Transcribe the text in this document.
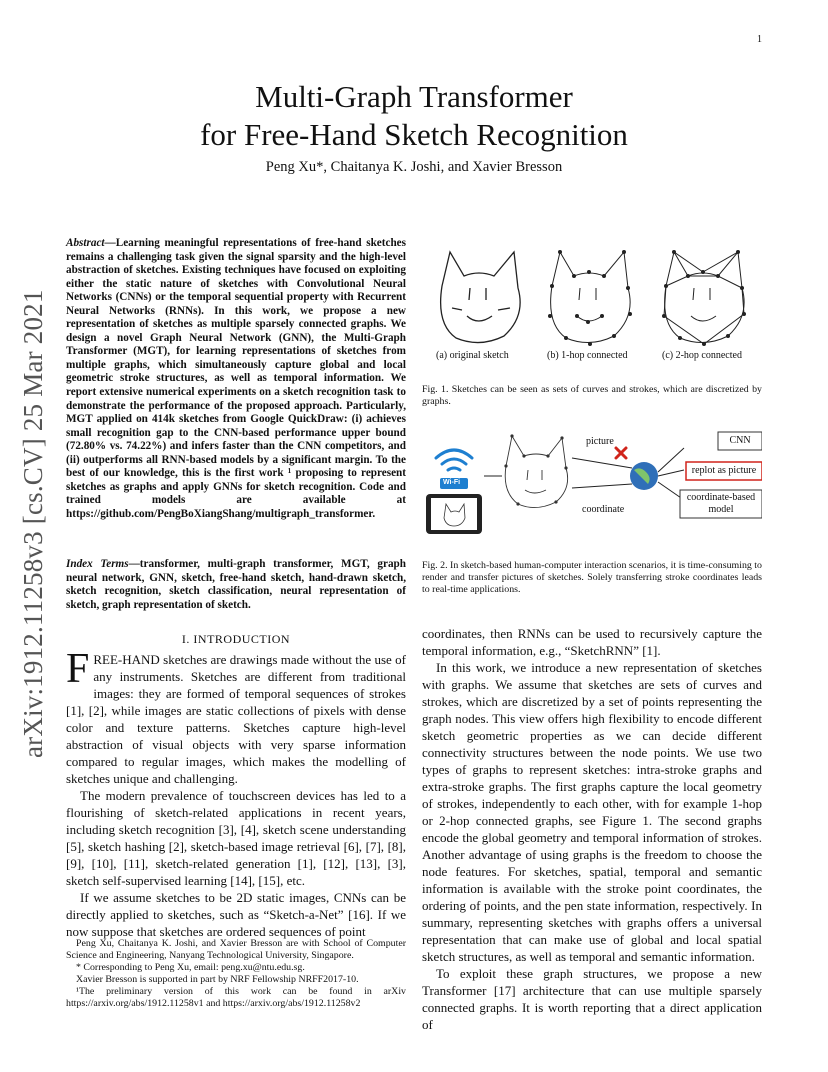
1
arXiv:1912.11258v3 [cs.CV] 25 Mar 2021
Multi-Graph Transformer
for Free-Hand Sketch Recognition
Peng Xu*, Chaitanya K. Joshi, and Xavier Bresson
Abstract—Learning meaningful representations of free-hand sketches remains a challenging task given the signal sparsity and the high-level abstraction of sketches. Existing techniques have focused on exploiting either the static nature of sketches with Convolutional Neural Networks (CNNs) or the temporal sequential property with Recurrent Neural Networks (RNNs). In this work, we propose a new representation of sketches as multiple sparsely connected graphs. We design a novel Graph Neural Network (GNN), the Multi-Graph Transformer (MGT), for learning representations of sketches from multiple graphs, which simultaneously capture global and local geometric stroke structures, as well as temporal information. We report extensive numerical experiments on a sketch recognition task to demonstrate the performance of the proposed approach. Particularly, MGT applied on 414k sketches from Google QuickDraw: (i) achieves small recognition gap to the CNN-based performance upper bound (72.80% vs. 74.22%) and infers faster than the CNN competitors, and (ii) outperforms all RNN-based models by a significant margin. To the best of our knowledge, this is the first work ¹ proposing to represent sketches as graphs and apply GNNs for sketch recognition. Code and trained models are available at https://github.com/PengBoXiangShang/multigraph_transformer.
Index Terms—transformer, multi-graph transformer, MGT, graph neural network, GNN, sketch, free-hand sketch, hand-drawn sketch, sketch recognition, sketch classification, neural representation of sketch, graph representation of sketch.
I. INTRODUCTION

FREE-HAND sketches are drawings made without the use of any instruments. Sketches are different from traditional images: they are formed of temporal sequences of strokes [1], [2], while images are static collections of pixels with dense color and texture patterns. Sketches capture high-level abstraction of visual objects with very sparse information compared to regular images, which makes the modelling of sketches unique and challenging.

The modern prevalence of touchscreen devices has led to a flourishing of sketch-related applications in recent years, including sketch recognition [3], [4], sketch scene understanding [5], sketch hashing [2], sketch-based image retrieval [6], [7], [8], [9], [10], [11], sketch-related generation [1], [12], [13], [3], sketch self-supervised learning [14], [15], etc.

If we assume sketches to be 2D static images, CNNs can be directly applied to sketches, such as “Sketch-a-Net” [16]. If we now suppose that sketches are ordered sequences of point

Peng Xu, Chaitanya K. Joshi, and Xavier Bresson are with School of Computer Science and Engineering, Nanyang Technological University, Singapore.
* Corresponding to Peng Xu, email: peng.xu@ntu.edu.sg.
Xavier Bresson is supported in part by NRF Fellowship NRFF2017-10.
¹The preliminary version of this work can be found in arXiv https://arxiv.org/abs/1912.11258v1 and https://arxiv.org/abs/1912.11258v2
(a) original sketch	(b) 1-hop connected	(c) 2-hop connected
Fig. 1. Sketches can be seen as sets of curves and strokes, which are discretized by graphs.
picture
coordinate
Wi-Fi
CNN
replot as picture
coordinate-based
model
Fig. 2. In sketch-based human-computer interaction scenarios, it is time-consuming to render and transfer pictures of sketches. Solely transferring stroke coordinates leads to real-time applications.

coordinates, then RNNs can be used to recursively capture the temporal information, e.g., “SketchRNN” [1].

In this work, we introduce a new representation of sketches with graphs. We assume that sketches are sets of curves and strokes, which are discretized by a set of points representing the graph nodes. This view offers high flexibility to encode different sketch geometric properties as we can decide different connectivity structures between the node points. We use two types of graphs to represent sketches: intra-stroke graphs and extra-stroke graphs. The first graphs capture the local geometry of strokes, independently to each other, with for example 1-hop or 2-hop connected graphs, see Figure 1. The second graphs encode the global geometry and temporal information of strokes. Another advantage of using graphs is the freedom to choose the node features. For sketches, spatial, temporal and semantic information is available with the stroke point coordinates, the ordering of points, and the pen state information, respectively. In summary, representing sketches with graphs offers a universal representation that can make use of global and local spatial sketch structures, as well as temporal and semantic information.

To exploit these graph structures, we propose a new Transformer [17] architecture that can use multiple sparsely connected graphs. It is worth reporting that a direct application of
